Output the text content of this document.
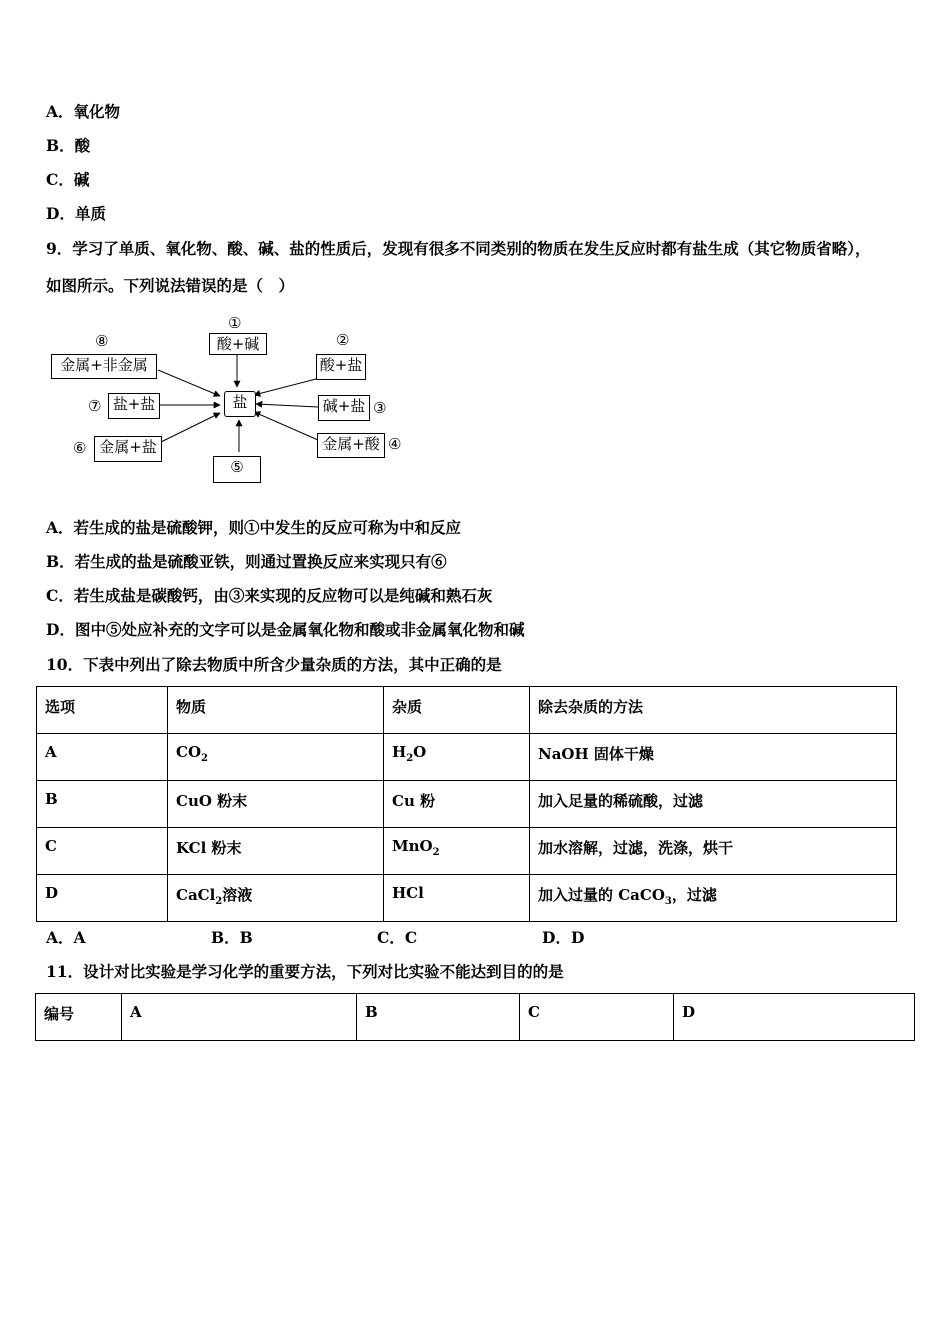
A．氧化物
B．酸
C．碱
D．单质
9．学习了单质、氧化物、酸、碱、盐的性质后，发现有很多不同类别的物质在发生反应时都有盐生成（其它物质省略），
如图所示。下列说法错误的是（　）
盐
①
酸+碱	②
酸+盐
碱+盐 ③
金属+酸 ④
⑤
⑥ 金属+盐
⑦ 盐+盐
⑧
金属+非金属
A．若生成的盐是硫酸钾，则①中发生的反应可称为中和反应
B．若生成的盐是硫酸亚铁，则通过置换反应来实现只有⑥
C．若生成盐是碳酸钙，由③来实现的反应物可以是纯碱和熟石灰
D．图中⑤处应补充的文字可以是金属氧化物和酸或非金属氧化物和碱
10．下表中列出了除去物质中所含少量杂质的方法，其中正确的是
选项	物质	杂质	除去杂质的方法
A	$CO_2$	$H_2O$	NaOH 固体干燥
B	CuO 粉末	Cu 粉	加入足量的稀硫酸，过滤
C	KCl 粉末	MnO$_2$	加水溶解，过滤，洗涤，烘干
D	CaCl$_2$溶液	HCl	加入过量的 CaCO$_3$，过滤
A．A	B．B	C．C	D．D
11．设计对比实验是学习化学的重要方法，下列对比实验不能达到目的的是
编号	A	B	C	D
